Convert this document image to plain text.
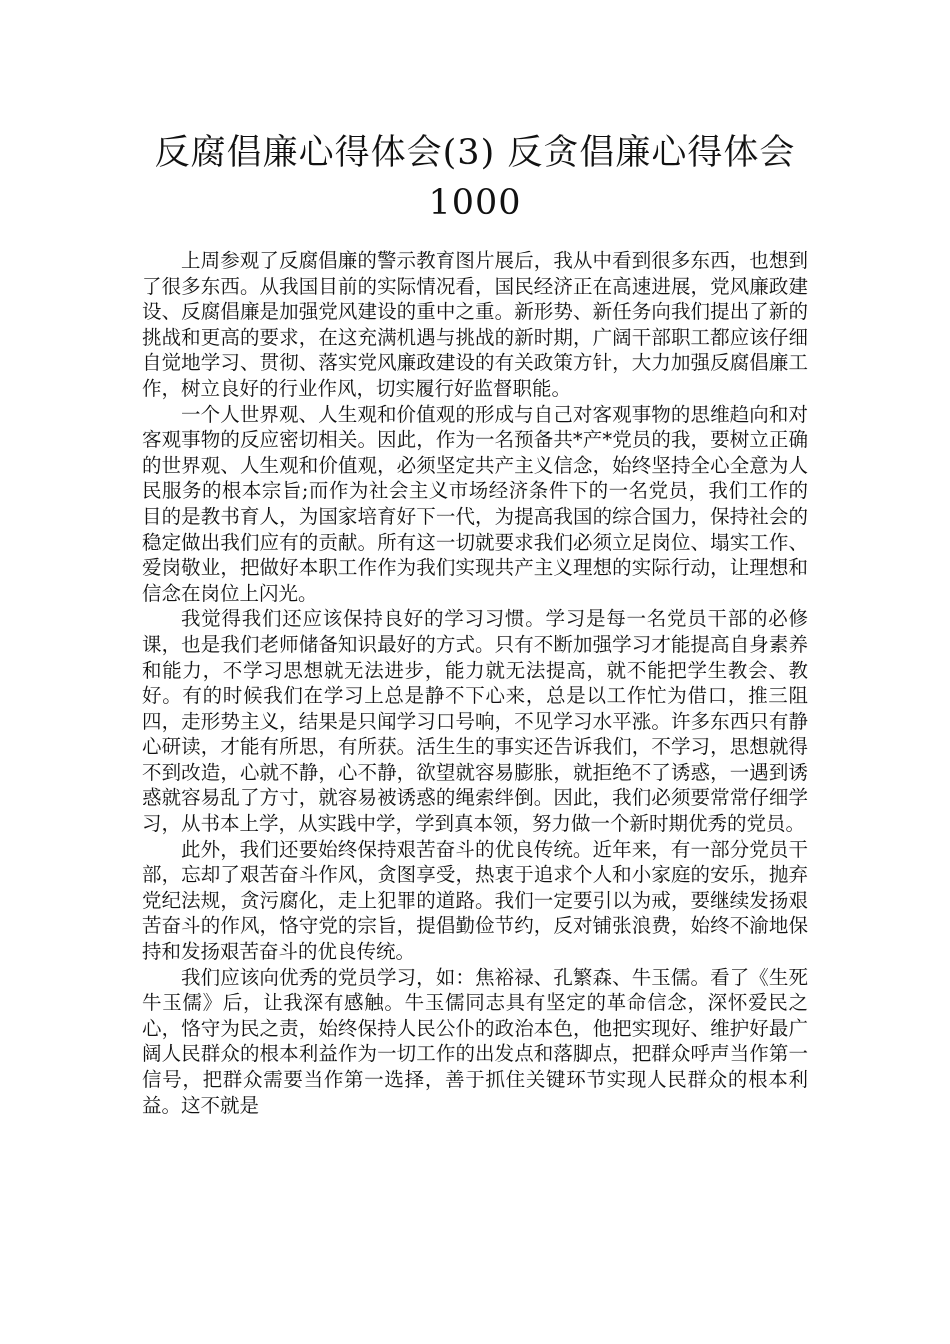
反腐倡廉心得体会(3) 反贪倡廉心得体会
1000

上周参观了反腐倡廉的警示教育图片展后，我从中看到很多东西，也想到了很多东西。从我国目前的实际情况看，国民经济正在高速进展，党风廉政建设、反腐倡廉是加强党风建设的重中之重。新形势、新任务向我们提出了新的挑战和更高的要求，在这充满机遇与挑战的新时期，广阔干部职工都应该仔细自觉地学习、贯彻、落实党风廉政建设的有关政策方针，大力加强反腐倡廉工作，树立良好的行业作风，切实履行好监督职能。

一个人世界观、人生观和价值观的形成与自己对客观事物的思维趋向和对客观事物的反应密切相关。因此，作为一名预备共*产*党员的我，要树立正确的世界观、人生观和价值观，必须坚定共产主义信念，始终坚持全心全意为人民服务的根本宗旨;而作为社会主义市场经济条件下的一名党员，我们工作的目的是教书育人，为国家培育好下一代，为提高我国的综合国力，保持社会的稳定做出我们应有的贡献。所有这一切就要求我们必须立足岗位、塌实工作、爱岗敬业，把做好本职工作作为我们实现共产主义理想的实际行动，让理想和信念在岗位上闪光。

我觉得我们还应该保持良好的学习习惯。学习是每一名党员干部的必修课，也是我们老师储备知识最好的方式。只有不断加强学习才能提高自身素养和能力，不学习思想就无法进步，能力就无法提高，就不能把学生教会、教好。有的时候我们在学习上总是静不下心来，总是以工作忙为借口，推三阻四，走形势主义，结果是只闻学习口号响，不见学习水平涨。许多东西只有静心研读，才能有所思，有所获。活生生的事实还告诉我们，不学习，思想就得不到改造，心就不静，心不静，欲望就容易膨胀，就拒绝不了诱惑，一遇到诱惑就容易乱了方寸，就容易被诱惑的绳索绊倒。因此，我们必须要常常仔细学习，从书本上学，从实践中学，学到真本领，努力做一个新时期优秀的党员。

此外，我们还要始终保持艰苦奋斗的优良传统。近年来，有一部分党员干部，忘却了艰苦奋斗作风，贪图享受，热衷于追求个人和小家庭的安乐，抛弃党纪法规，贪污腐化，走上犯罪的道路。我们一定要引以为戒，要继续发扬艰苦奋斗的作风，恪守党的宗旨，提倡勤俭节约，反对铺张浪费，始终不渝地保持和发扬艰苦奋斗的优良传统。

我们应该向优秀的党员学习，如：焦裕禄、孔繁森、牛玉儒。看了《生死牛玉儒》后，让我深有感触。牛玉儒同志具有坚定的革命信念，深怀爱民之心，恪守为民之责，始终保持人民公仆的政治本色，他把实现好、维护好最广阔人民群众的根本利益作为一切工作的出发点和落脚点，把群众呼声当作第一信号，把群众需要当作第一选择，善于抓住关键环节实现人民群众的根本利益。这不就是
